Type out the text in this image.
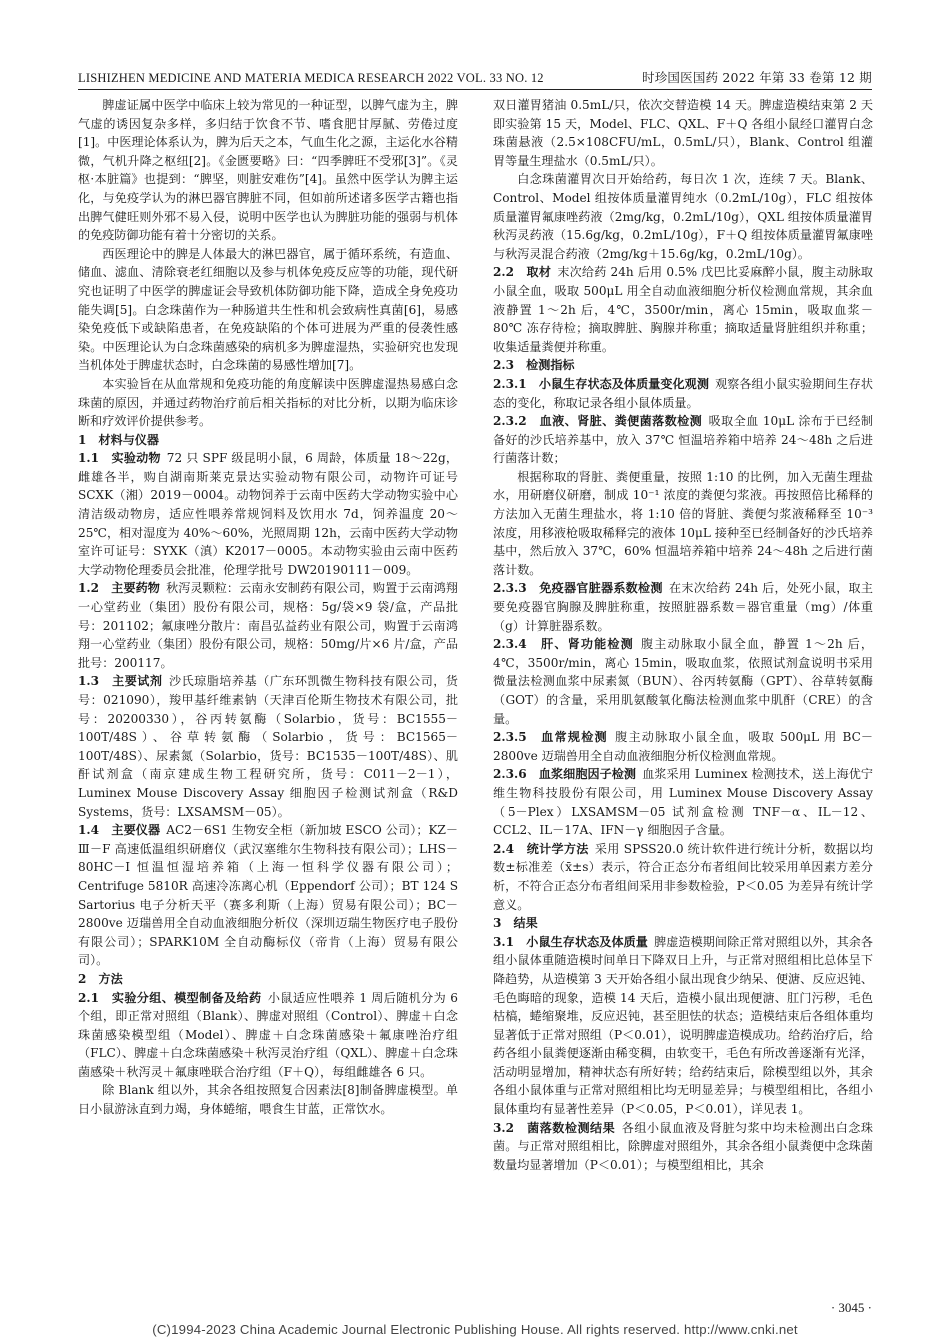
LISHIZHEN MEDICINE AND MATERIA MEDICA RESEARCH 2022 VOL. 33 NO. 12	时珍国医国药 2022 年第 33 卷第 12 期

脾虚证属中医学中临床上较为常见的一种证型，以脾气虚为主，脾气虚的诱因复杂多样，多归结于饮食不节、嗜食肥甘厚腻、劳倦过度[1]。中医理论体系认为，脾为后天之本，气血生化之源，主运化水谷精微，气机升降之枢纽[2]。《金匮要略》曰：“四季脾旺不受邪[3]”。《灵枢·本脏篇》也提到：“脾坚，则脏安难伤”[4]。虽然中医学认为脾主运化，与免疫学认为的淋巴器官脾脏不同，但如前所述诸多医学古籍也指出脾气健旺则外邪不易入侵，说明中医学也认为脾脏功能的强弱与机体的免疫防御功能有着十分密切的关系。

西医理论中的脾是人体最大的淋巴器官，属于循环系统，有造血、储血、滤血、清除衰老红细胞以及参与机体免疫反应等的功能，现代研究也证明了中医学的脾虚证会导致机体防御功能下降，造成全身免疫功能失调[5]。白念珠菌作为一种肠道共生性和机会致病性真菌[6]，易感染免疫低下或缺陷患者，在免疫缺陷的个体可进展为严重的侵袭性感染。中医理论认为白念珠菌感染的病机多为脾虚湿热，实验研究也发现当机体处于脾虚状态时，白念珠菌的易感性增加[7]。

本实验旨在从血常规和免疫功能的角度解读中医脾虚湿热易感白念珠菌的原因，并通过药物治疗前后相关指标的对比分析，以期为临床诊断和疗效评价提供参考。

1　材料与仪器

1.1　实验动物  72 只 SPF 级昆明小鼠，6 周龄，体质量 18～22g，雌雄各半，购自湖南斯莱克景达实验动物有限公司，动物许可证号 SCXK（湘）2019－0004。动物饲养于云南中医药大学动物实验中心清洁级动物房，适应性喂养常规饲料及饮用水 7d，饲养温度 20～25℃，相对湿度为 40%～60%，光照周期 12h，云南中医药大学动物室许可证号：SYXK（滇）K2017－0005。本动物实验由云南中医药大学动物伦理委员会批准，伦理学批号 DW20190111－009。

1.2　主要药物  秋泻灵颗粒：云南永安制药有限公司，购置于云南鸿翔一心堂药业（集团）股份有限公司，规格：5g/袋×9 袋/盒，产品批号：201102；氟康唑分散片：南昌弘益药业有限公司，购置于云南鸿翔一心堂药业（集团）股份有限公司，规格：50mg/片×6 片/盒，产品批号：200117。

1.3　主要试剂  沙氏琼脂培养基（广东环凯微生物科技有限公司，货号：021090），羧甲基纤维素钠（天津百伦斯生物技术有限公司，批号：20200330），谷丙转氨酶（Solarbio，货号：BC1555－100T/48S）、谷草转氨酶（Solarbio，货号：BC1565－100T/48S）、尿素氮（Solarbio，货号：BC1535－100T/48S）、肌酐试剂盒（南京建成生物工程研究所，货号：C011－2－1），Luminex Mouse Discovery Assay 细胞因子检测试剂盒（R&D Systems，货号：LXSAMSM－05）。

1.4　主要仪器  AC2－6S1 生物安全柜（新加坡 ESCO 公司）；KZ－Ⅲ－F 高速低温组织研磨仪（武汉塞维尔生物科技有限公司）；LHS－80HC－I 恒温恒湿培养箱（上海一恒科学仪器有限公司）；Centrifuge 5810R 高速冷冻离心机（Eppendorf 公司）；BT 124 S Sartorius 电子分析天平（赛多利斯（上海）贸易有限公司）；BC－2800ve 迈瑞兽用全自动血液细胞分析仪（深圳迈瑞生物医疗电子股份有限公司）；SPARK10M 全自动酶标仪（帝肯（上海）贸易有限公司）。

2　方法

2.1　实验分组、模型制备及给药  小鼠适应性喂养 1 周后随机分为 6 个组，即正常对照组（Blank）、脾虚对照组（Control）、脾虚＋白念珠菌感染模型组（Model）、脾虚＋白念珠菌感染＋氟康唑治疗组（FLC）、脾虚＋白念珠菌感染＋秋泻灵治疗组（QXL）、脾虚＋白念珠菌感染＋秋泻灵＋氟康唑联合治疗组（F＋Q），每组雌雄各 6 只。

除 Blank 组以外，其余各组按照复合因素法[8]制备脾虚模型。单日小鼠游泳直到力竭，身体蜷缩，喂食生甘蓝，正常饮水。

双日灌胃猪油 0.5mL/只，依次交替造模 14 天。脾虚造模结束第 2 天即实验第 15 天，Model、FLC、QXL、F＋Q 各组小鼠经口灌胃白念珠菌悬液（2.5×108CFU/mL，0.5mL/只），Blank、Control 组灌胃等量生理盐水（0.5mL/只）。

白念珠菌灌胃次日开始给药，每日次 1 次，连续 7 天。Blank、Control、Model 组按体质量灌胃纯水（0.2mL/10g），FLC 组按体质量灌胃氟康唑药液（2mg/kg，0.2mL/10g），QXL 组按体质量灌胃秋泻灵药液（15.6g/kg，0.2mL/10g），F＋Q 组按体质量灌胃氟康唑与秋泻灵混合药液（2mg/kg＋15.6g/kg，0.2mL/10g）。

2.2　取材  末次给药 24h 后用 0.5% 戊巴比妥麻醉小鼠，腹主动脉取小鼠全血，吸取 500μL 用全自动血液细胞分析仪检测血常规，其余血液静置 1～2h 后，4℃，3500r/min，离心 15min，吸取血浆－80℃ 冻存待检；摘取脾脏、胸腺并称重；摘取适量肾脏组织并称重；收集适量粪便并称重。

2.3　检测指标

2.3.1　小鼠生存状态及体质量变化观测  观察各组小鼠实验期间生存状态的变化，称取记录各组小鼠体质量。

2.3.2　血液、肾脏、粪便菌落数检测  吸取全血 10μL 涂布于已经制备好的沙氏培养基中，放入 37℃ 恒温培养箱中培养 24～48h 之后进行菌落计数；

根据称取的肾脏、粪便重量，按照 1:10 的比例，加入无菌生理盐水，用研磨仪研磨，制成 10⁻¹ 浓度的粪便匀浆液。再按照倍比稀释的方法加入无菌生理盐水，将 1:10 倍的肾脏、粪便匀浆液稀释至 10⁻³ 浓度，用移液枪吸取稀释完的液体 10μL 接种至已经制备好的沙氏培养基中，然后放入 37℃，60% 恒温培养箱中培养 24～48h 之后进行菌落计数。

2.3.3　免疫器官脏器系数检测  在末次给药 24h 后，处死小鼠，取主要免疫器官胸腺及脾脏称重，按照脏器系数＝器官重量（mg）/体重（g）计算脏器系数。

2.3.4　肝、肾功能检测  腹主动脉取小鼠全血，静置 1～2h 后，4℃，3500r/min，离心 15min，吸取血浆，依照试剂盒说明书采用微量法检测血浆中尿素氮（BUN）、谷丙转氨酶（GPT）、谷草转氨酶（GOT）的含量，采用肌氨酸氧化酶法检测血浆中肌酐（CRE）的含量。

2.3.5　血常规检测  腹主动脉取小鼠全血，吸取 500μL 用 BC－2800ve 迈瑞兽用全自动血液细胞分析仪检测血常规。

2.3.6　血浆细胞因子检测  血浆采用 Luminex 检测技术，送上海优宁维生物科技股份有限公司，用 Luminex Mouse Discovery Assay（5－Plex）LXSAMSM－05 试剂盒检测 TNF－α、IL－12、CCL2、IL－17A、IFN－γ 细胞因子含量。

2.4　统计学方法  采用 SPSS20.0 统计软件进行统计分析，数据以均数±标准差（x̄±s）表示，符合正态分布者组间比较采用单因素方差分析，不符合正态分布者组间采用非参数检验，P＜0.05 为差异有统计学意义。

3　结果

3.1　小鼠生存状态及体质量  脾虚造模期间除正常对照组以外，其余各组小鼠体重随造模时间单日下降双日上升，与正常对照组相比总体呈下降趋势，从造模第 3 天开始各组小鼠出现食少纳呆、便溏、反应迟钝、毛色晦暗的现象，造模 14 天后，造模小鼠出现便溏、肛门污秽，毛色枯槁，蜷缩聚堆，反应迟钝，甚至胆怯的状态；造模结束后各组体重均显著低于正常对照组（P＜0.01），说明脾虚造模成功。给药治疗后，给药各组小鼠粪便逐渐由稀变稠，由软变干，毛色有所改善逐渐有光泽，活动明显增加，精神状态有所好转；给药结束后，除模型组以外，其余各组小鼠体重与正常对照组相比均无明显差异；与模型组相比，各组小鼠体重均有显著性差异（P＜0.05，P＜0.01），详见表 1。

3.2　菌落数检测结果  各组小鼠血液及肾脏匀浆中均未检测出白念珠菌。与正常对照组相比，除脾虚对照组外，其余各组小鼠粪便中念珠菌数量均显著增加（P＜0.01）；与模型组相比，其余

· 3045 ·
(C)1994-2023 China Academic Journal Electronic Publishing House. All rights reserved. http://www.cnki.net
